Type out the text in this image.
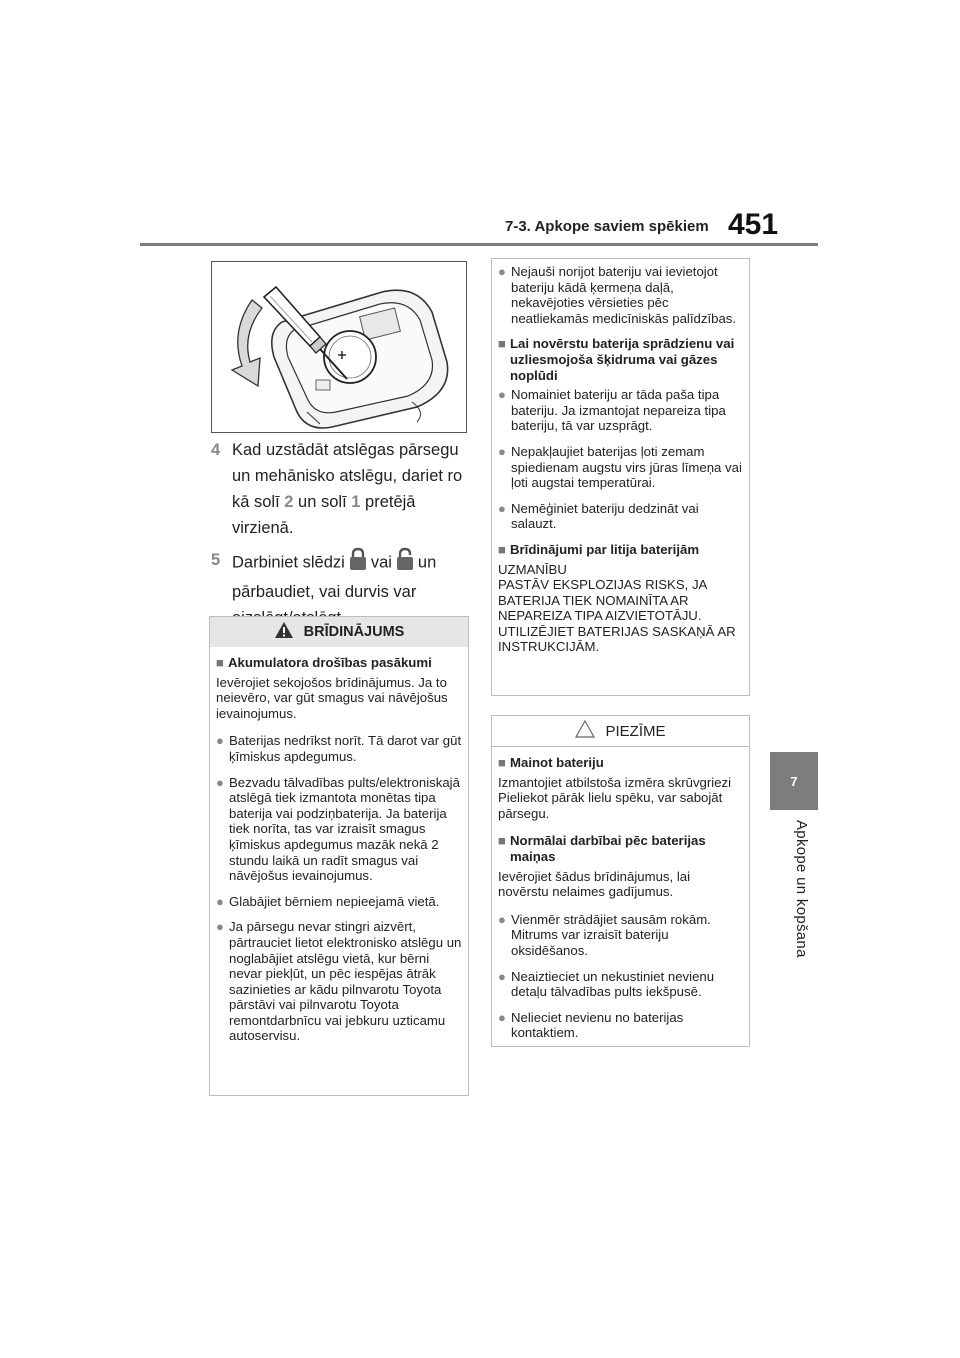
7-3. Apkope saviem spēkiem 451
7
Apkope un kopšana
4 Kad uzstādāt atslēgas pārsegu un mehānisko atslēgu, dariet ro kā solī 2 un solī 1 pretējā virzienā.
5 Darbiniet slēdzi vai un pārbaudiet, vai durvis var
BRĪDINĀJUMS
■ Akumulatora drošības pasākumi
Ievērojiet sekojošos brīdinājumus. Ja to neievēro, var gūt smagus vai nāvējošus ievainojumus.
● Baterijas nedrīkst norīt. Tā darot var gūt ķīmiskus apdegumus.
● Bezvadu tālvadības pults/elektroniskajā atslēgā tiek izmantota monētas tipa baterija vai podziņbaterija. Ja baterija tiek norīta, tas var izraisīt smagus ķīmiskus apdegumus mazāk nekā 2 stundu laikā un radīt smagus vai nāvējošus ievainojumus.
● Glabājiet bērniem nepieejamā vietā.
● Ja pārsegu nevar stingri aizvērt, pārtrauciet lietot elektronisko atslēgu un noglabājiet atslēgu vietā, kur bērni nevar piekļūt, un pēc iespējas ātrāk sazinieties ar kādu pilnvarotu Toyota pārstāvi vai pilnvarotu Toyota remontdarbnīcu vai jebkuru uzticamu autoservisu.
● Nejauši norijot bateriju vai ievietojot bateriju kādā ķermeņa daļā, nekavējoties vērsieties pēc neatliekamās medicīniskās palīdzības.
■ Lai novērstu baterija sprādzienu vai uzliesmojoša šķidruma vai gāzes noplūdi
● Nomainiet bateriju ar tāda paša tipa bateriju. Ja izmantojat nepareiza tipa bateriju, tā var uzsprāgt.
● Nepakļaujiet baterijas ļoti zemam spiedienam augstu virs jūras līmeņa vai ļoti augstai temperatūrai.
● Nemēģiniet bateriju dedzināt vai salauzt.
■ Brīdinājumi par litija baterijām
UZMANĪBU
PASTĀV EKSPLOZIJAS RISKS, JA BATERIJA TIEK NOMAINĪTA AR NEPAREIZA TIPA AIZVIETOTĀJU. UTILIZĒJIET BATERIJAS SASKAŅĀ AR INSTRUKCIJĀM.
PIEZĪME
■ Mainot bateriju
Izmantojiet atbilstoša izmēra skrūvgriezi Pieliekot pārāk lielu spēku, var sabojāt pārsegu.
■ Normālai darbībai pēc baterijas maiņas
Ievērojiet šādus brīdinājumus, lai novērstu nelaimes gadījumus.
● Vienmēr strādājiet sausām rokām. Mitrums var izraisīt bateriju oksidēšanos.
● Neaiztieciet un nekustiniet nevienu detaļu tālvadības pults iekšpusē.
● Nelieciet nevienu no baterijas kontaktiem.
